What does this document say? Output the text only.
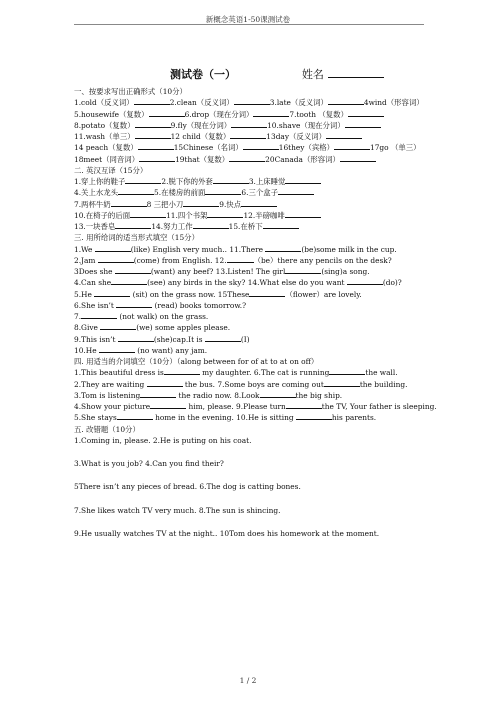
新概念英语1-50课测试卷
测试卷（一）	姓名
一、按要求写出正确形式（10分）
1.cold（反义词）	2.clean（反义词）	3.late（反义词）	4wind（形容词）
5.housewife（复数）	6.drop（现在分词）	7.tooth （复数）
8.potato（复数）	9.fly（现在分词）	10.shave（现在分词）
11.wash（单三）	12 child（复数）	13day（反义词）
14 peach（复数）	15Chinese（名词）	16they（宾格）	17go （单三）
18meet（同音词）	19that（复数）	20Canada（形容词）
二. 英汉互译（15分）
1.穿上你的鞋子	2.脱下你的外套	3.上床睡觉
4.关上水龙头	5.在楼房的前面	6.三个盒子
7.两杯牛奶	8 三把小刀	9.快点
10.在椅子的后面	11.四个书架	12.半磅咖啡
13.一块香皂	14.努力工作	15.在桥下
三. 用所给词的适当形式填空（15分）
1.We	(like) English very much.. 11.There	(be)some milk in the cup.
2.Jam	(come) from English. 12.	（be）there any pencils on the desk?
3Does she	(want) any beef? 13.Listen! The girl	(sing)a song.
4.Can she	(see) any birds in the sky? 14.What else do you want	(do)?
5.He	(sit) on the grass now. 15These	（flower）are lovely.
6.She isn’t	(read) books tomorrow.?
7.	(not walk) on the grass.
8.Give	(we) some apples please.
9.This isn’t	(she)cap.It is	(I)
10.He	(no want) any jam.
四. 用适当的介词填空（10分）（along between for of at to at on off）
1.This beautiful dress is	my daughter. 6.The cat is running	the wall.
2.They are waiting	the bus. 7.Some boys are coming out	the building.
3.Tom is listening	the radio now. 8.Look	the big ship.
4.Show your picture	him, please. 9.Please turn	the TV, Your father is sleeping.
5.She stays	home in the evening. 10.He is sitting	his parents.
五. 改错题（10分）
1.Coming in, please. 2.He is puting on his coat.
3.What is you job? 4.Can you find their?
5There isn’t any pieces of bread. 6.The dog is catting bones.
7.She likes watch TV very much. 8.The sun is shincing.
9.He usually watches TV at the night.. 10Tom does his homework at the moment.
1 / 2
